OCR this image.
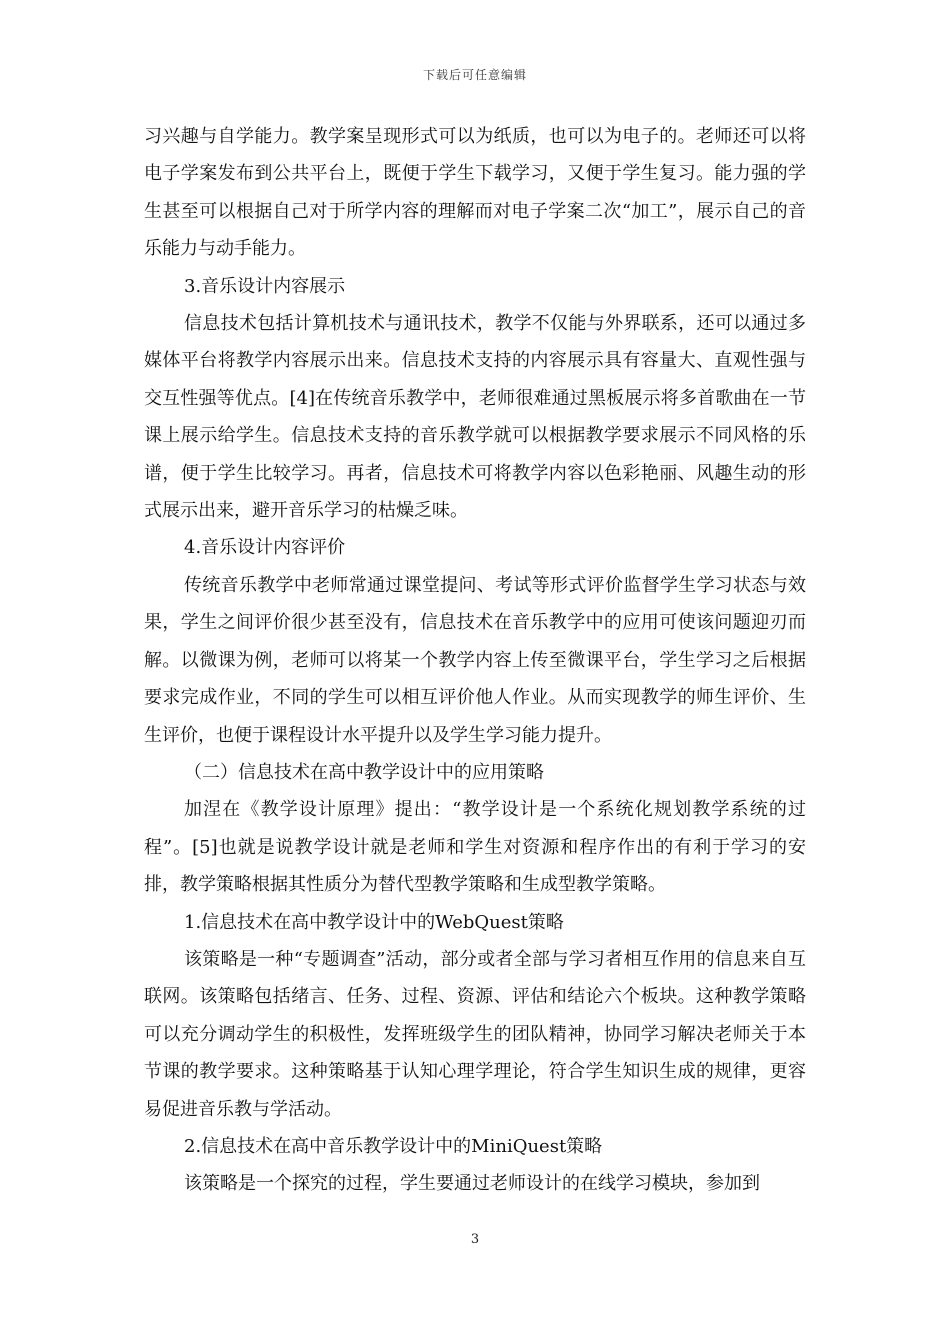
下载后可任意编辑

习兴趣与自学能力。教学案呈现形式可以为纸质，也可以为电子的。老师还可以将电子学案发布到公共平台上，既便于学生下载学习，又便于学生复习。能力强的学生甚至可以根据自己对于所学内容的理解而对电子学案二次“加工”，展示自己的音乐能力与动手能力。

3.音乐设计内容展示

信息技术包括计算机技术与通讯技术，教学不仅能与外界联系，还可以通过多媒体平台将教学内容展示出来。信息技术支持的内容展示具有容量大、直观性强与交互性强等优点。[4]在传统音乐教学中，老师很难通过黑板展示将多首歌曲在一节课上展示给学生。信息技术支持的音乐教学就可以根据教学要求展示不同风格的乐谱，便于学生比较学习。再者，信息技术可将教学内容以色彩艳丽、风趣生动的形式展示出来，避开音乐学习的枯燥乏味。

4.音乐设计内容评价

传统音乐教学中老师常通过课堂提问、考试等形式评价监督学生学习状态与效果，学生之间评价很少甚至没有，信息技术在音乐教学中的应用可使该问题迎刃而解。以微课为例，老师可以将某一个教学内容上传至微课平台，学生学习之后根据要求完成作业，不同的学生可以相互评价他人作业。从而实现教学的师生评价、生生评价，也便于课程设计水平提升以及学生学习能力提升。

（二）信息技术在高中教学设计中的应用策略

加涅在《教学设计原理》提出：“教学设计是一个系统化规划教学系统的过程”。[5]也就是说教学设计就是老师和学生对资源和程序作出的有利于学习的安排，教学策略根据其性质分为替代型教学策略和生成型教学策略。

1.信息技术在高中教学设计中的WebQuest策略

该策略是一种“专题调查”活动，部分或者全部与学习者相互作用的信息来自互联网。该策略包括绪言、任务、过程、资源、评估和结论六个板块。这种教学策略可以充分调动学生的积极性，发挥班级学生的团队精神，协同学习解决老师关于本节课的教学要求。这种策略基于认知心理学理论，符合学生知识生成的规律，更容易促进音乐教与学活动。

2.信息技术在高中音乐教学设计中的MiniQuest策略

该策略是一个探究的过程，学生要通过老师设计的在线学习模块，参加到

3
